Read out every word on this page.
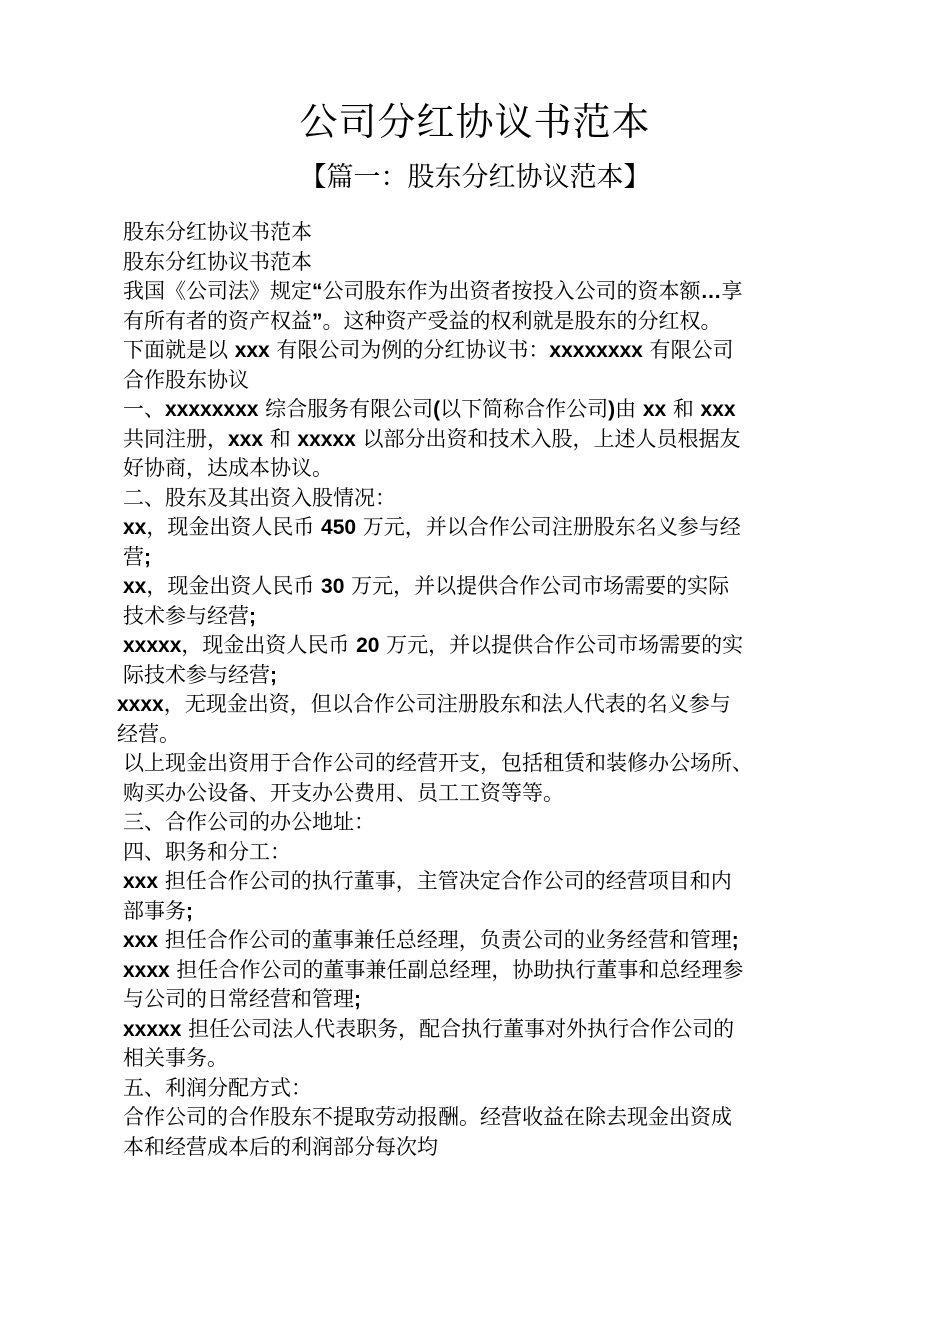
公司分红协议书范本
【篇一：股东分红协议范本】
股东分红协议书范本
股东分红协议书范本
我国《公司法》规定“公司股东作为出资者按投入公司的资本额…享
有所有者的资产权益”。这种资产受益的权利就是股东的分红权。
下面就是以 xxx 有限公司为例的分红协议书：xxxxxxxx 有限公司
合作股东协议
一、xxxxxxxx 综合服务有限公司(以下简称合作公司)由 xx 和 xxx
共同注册，xxx 和 xxxxx 以部分出资和技术入股，上述人员根据友
好协商，达成本协议。
二、股东及其出资入股情况：
xx，现金出资人民币 450 万元，并以合作公司注册股东名义参与经
营;
xx，现金出资人民币 30 万元，并以提供合作公司市场需要的实际
技术参与经营;
xxxxx，现金出资人民币 20 万元，并以提供合作公司市场需要的实
际技术参与经营;
xxxx，无现金出资，但以合作公司注册股东和法人代表的名义参与
经营。
以上现金出资用于合作公司的经营开支，包括租赁和装修办公场所、
购买办公设备、开支办公费用、员工工资等等。
三、合作公司的办公地址：
四、职务和分工：
xxx 担任合作公司的执行董事，主管决定合作公司的经营项目和内
部事务;
xxx 担任合作公司的董事兼任总经理，负责公司的业务经营和管理;
xxxx 担任合作公司的董事兼任副总经理，协助执行董事和总经理参
与公司的日常经营和管理;
xxxxx 担任公司法人代表职务，配合执行董事对外执行合作公司的
相关事务。
五、利润分配方式：
合作公司的合作股东不提取劳动报酬。经营收益在除去现金出资成
本和经营成本后的利润部分每次均
